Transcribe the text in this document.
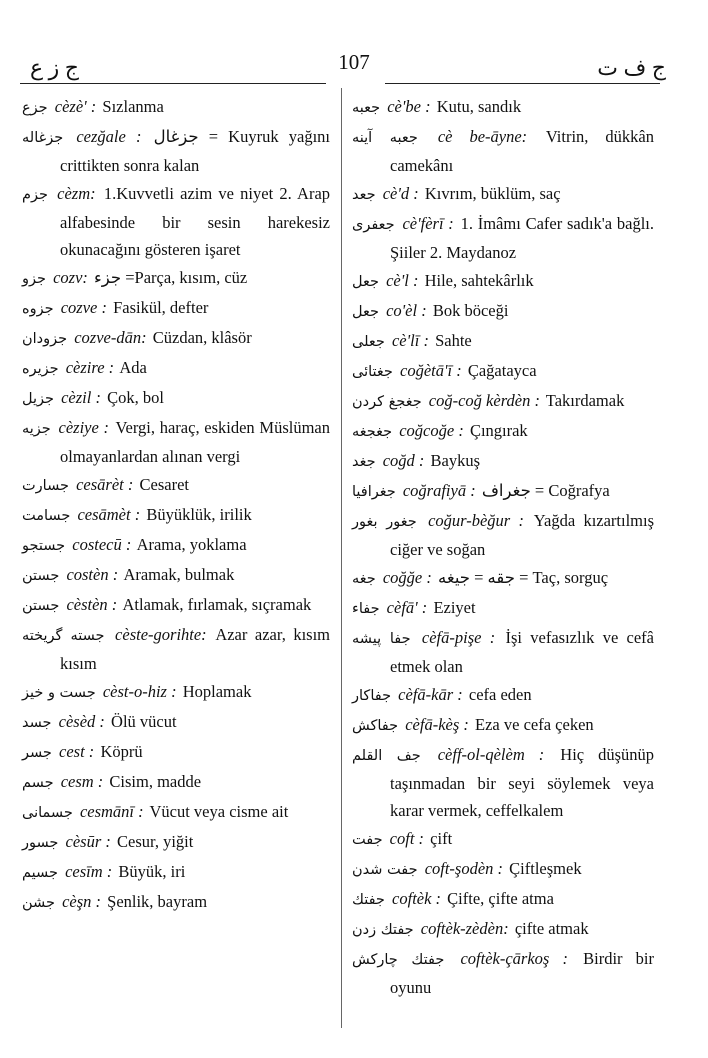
ج ز ع	107	ج ف ت

جزع cèzè' : Sızlanma

جزغاله cezğale : جزغال = Kuyruk yağını crittikten sonra kalan

جزم cèzm: 1.Kuvvetli azim ve niyet 2. Arap alfabesinde bir sesin harekesiz okunacağını gösteren işaret

جزو cozv: جزء =Parça, kısım, cüz

جزوه cozve : Fasikül, defter

جزودان cozve-dān: Cüzdan, klâsör

جزيره cèzire : Ada

جزيل cèzil : Çok, bol

جزيه cèziye : Vergi, haraç, eskiden Müslüman olmayanlardan alınan vergi

جسارت cesārèt : Cesaret

جسامت cesāmèt : Büyüklük, irilik

جستجو costecū : Arama, yoklama

جستن costèn : Aramak, bulmak

جستن cèstèn : Atlamak, fırlamak, sıçramak

جسته گريخته cèste-gorihte: Azar azar, kısım kısım

جست و خيز cèst-o-hiz : Hoplamak

جسد cèsèd : Ölü vücut

جسر cest : Köprü

جسم cesm : Cisim, madde

جسمانی cesmānī : Vücut veya cisme ait

جسور cèsūr : Cesur, yiğit

جسيم cesīm : Büyük, iri

جشن cèşn : Şenlik, bayram

جعبه cè'be : Kutu, sandık

جعبه آينه cè be-āyne: Vitrin, dükkân camekânı

جعد cè'd : Kıvrım, büklüm, saç

جعفری cè'fèrī : 1. İmâmı Cafer sadık'a bağlı. Şiiler 2. Maydanoz

جعل cè'l : Hile, sahtekârlık

جعل co'èl : Bok böceği

جعلی cè'lī : Sahte

جغتائی coğètā'ī : Çağatayca

جغجغ کردن coğ-coğ kèrdèn : Takırdamak

جغجغه coğcoğe : Çıngırak

جغد coğd : Baykuş

جغرافيا coğrafiyā : جغراف = Coğrafya

جغور بغور coğur-bèğur : Yağda kızartılmış ciğer ve soğan

جغه coğğe : جقه = جيغه = Taç, sorguç

جفاء cèfā' : Eziyet

جفا پيشه cèfā-pişe : İşi vefasızlık ve cefâ etmek olan

جفاكار cèfā-kār : cefa eden

جفاكش cèfā-kèş : Eza ve cefa çeken

جف القلم cèff-ol-qèlèm : Hiç düşünüp taşınmadan bir seyi söylemek veya karar vermek, ceffelkalem

جفت coft : çift

جفت شدن coft-şodèn : Çiftleşmek

جفتك coftèk : Çifte, çifte atma

جفتك زدن coftèk-zèdèn: çifte atmak

جفتك چاركش coftèk-çārkoş : Birdir bir oyunu
